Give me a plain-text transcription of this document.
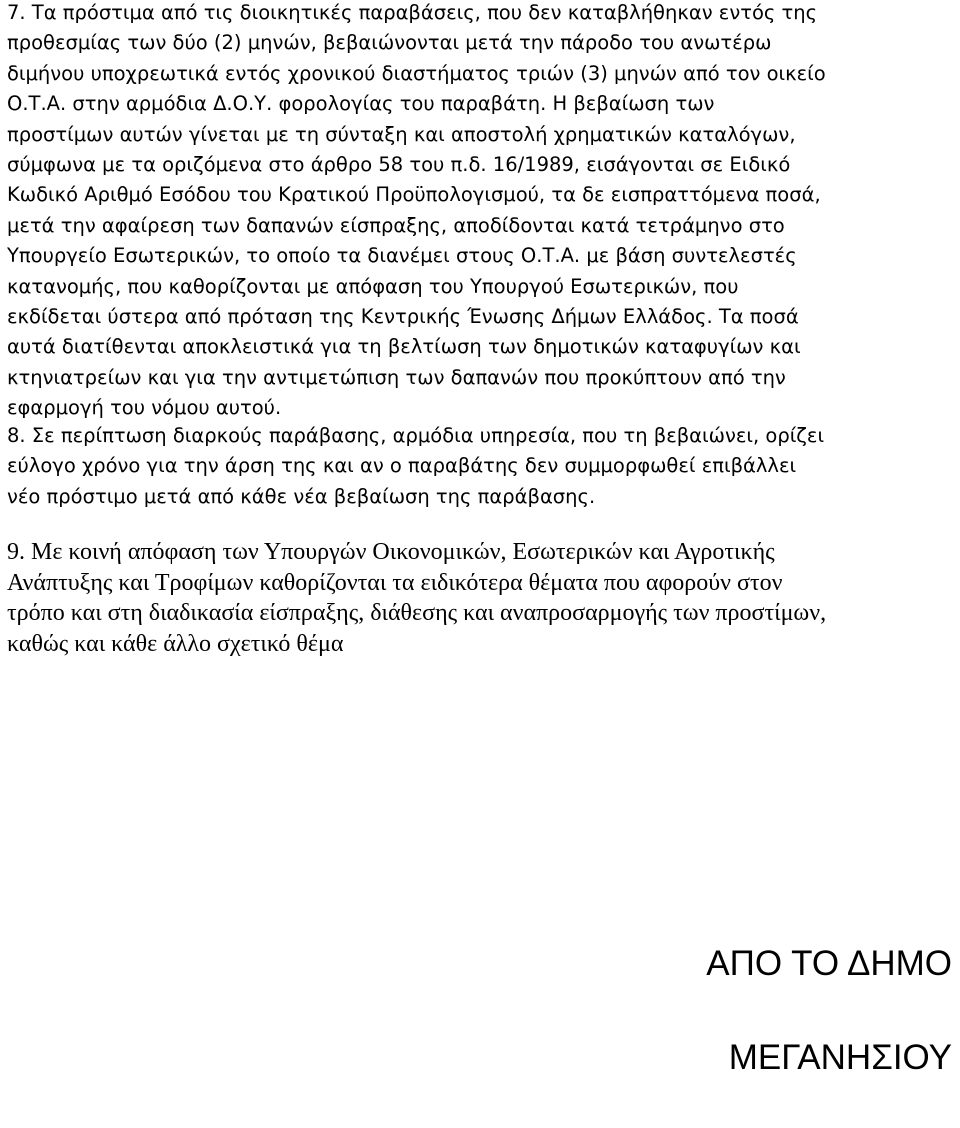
7. Τα πρόστιμα από τις διοικητικές παραβάσεις, που δεν καταβλήθηκαν εντός της
προθεσμίας των δύο (2) μηνών, βεβαιώνονται μετά την πάροδο του ανωτέρω
διμήνου υποχρεωτικά εντός χρονικού διαστήματος τριών (3) μηνών από τον οικείο
Ο.Τ.Α. στην αρμόδια Δ.Ο.Υ. φορολογίας του παραβάτη. Η βεβαίωση των
προστίμων αυτών γίνεται με τη σύνταξη και αποστολή χρηματικών καταλόγων,
σύμφωνα με τα οριζόμενα στο άρθρο 58 του π.δ. 16/1989, εισάγονται σε Ειδικό
Κωδικό Αριθμό Εσόδου του Κρατικού Προϋπολογισμού, τα δε εισπραττόμενα ποσά,
μετά την αφαίρεση των δαπανών είσπραξης, αποδίδονται κατά τετράμηνο στο
Υπουργείο Εσωτερικών, το οποίο τα διανέμει στους Ο.Τ.Α. με βάση συντελεστές
κατανομής, που καθορίζονται με απόφαση του Υπουργού Εσωτερικών, που
εκδίδεται ύστερα από πρόταση της Κεντρικής Ένωσης Δήμων Ελλάδος. Τα ποσά
αυτά διατίθενται αποκλειστικά για τη βελτίωση των δημοτικών καταφυγίων και
κτηνιατρείων και για την αντιμετώπιση των δαπανών που προκύπτουν από την
εφαρμογή του νόμου αυτού.

8. Σε περίπτωση διαρκούς παράβασης, αρμόδια υπηρεσία, που τη βεβαιώνει, ορίζει
εύλογο χρόνο για την άρση της και αν ο παραβάτης δεν συμμορφωθεί επιβάλλει
νέο πρόστιμο μετά από κάθε νέα βεβαίωση της παράβασης.

9. Με κοινή απόφαση των Υπουργών Οικονομικών, Εσωτερικών και Αγροτικής
Ανάπτυξης και Τροφίμων καθορίζονται τα ειδικότερα θέματα που αφορούν στον
τρόπο και στη διαδικασία είσπραξης, διάθεσης και αναπροσαρμογής των προστίμων,
καθώς και κάθε άλλο σχετικό θέμα

ΑΠΟ ΤΟ ΔΗΜΟ

ΜΕΓΑΝΗΣΙΟΥ
